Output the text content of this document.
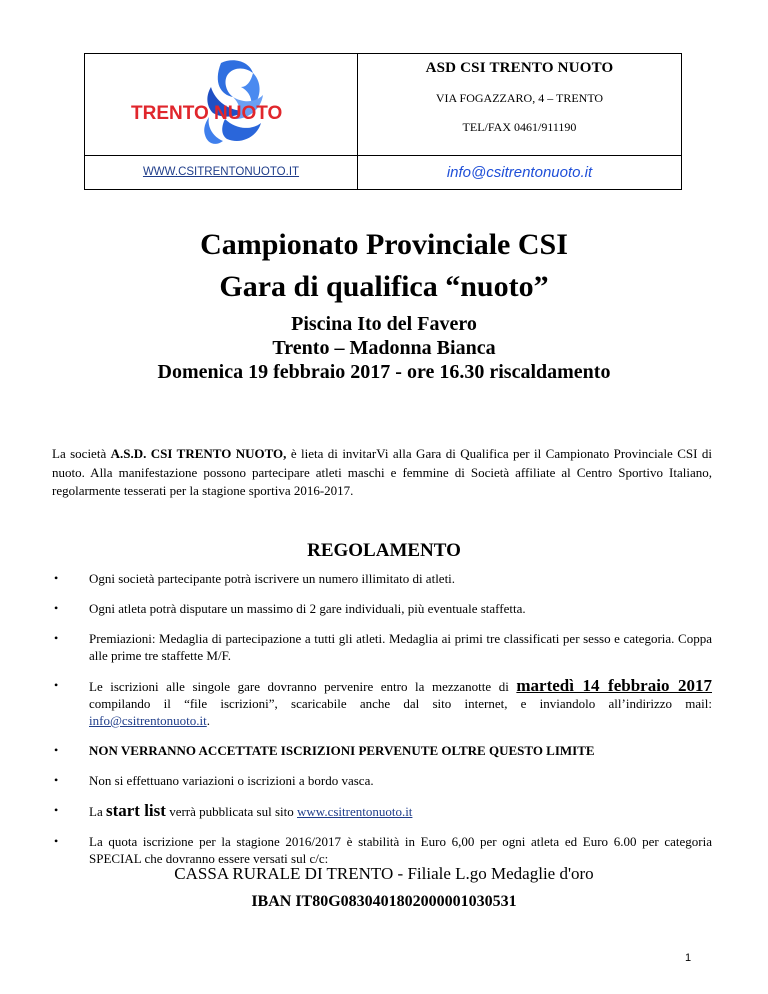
TRENTO NUOTO
ASD CSI TRENTO NUOTO
VIA FOGAZZARO, 4 – TRENTO
TEL/FAX 0461/911190
WWW.CSITRENTONUOTO.IT	info@csitrentonuoto.it
Campionato Provinciale CSI
Gara di qualifica “nuoto”
Piscina Ito del Favero
Trento – Madonna Bianca
Domenica 19 febbraio 2017 - ore 16.30 riscaldamento
La società A.S.D. CSI TRENTO NUOTO, è lieta di invitarVi alla Gara di Qualifica per il Campionato Provinciale CSI di nuoto. Alla manifestazione possono partecipare atleti maschi e femmine di Società affiliate al Centro Sportivo Italiano, regolarmente tesserati per la stagione sportiva 2016-2017.
REGOLAMENTO
• Ogni società partecipante potrà iscrivere un numero illimitato di atleti.
• Ogni atleta potrà disputare un massimo di 2 gare individuali, più eventuale staffetta.
• Premiazioni: Medaglia di partecipazione a tutti gli atleti. Medaglia ai primi tre classificati per sesso e categoria. Coppa alle prime tre staffette M/F.
• Le iscrizioni alle singole gare dovranno pervenire entro la mezzanotte di martedì 14 febbraio 2017 compilando il “file iscrizioni”, scaricabile anche dal sito internet, e inviandolo all’indirizzo mail: info@csitrentonuoto.it.
• NON VERRANNO ACCETTATE ISCRIZIONI PERVENUTE OLTRE QUESTO LIMITE
• Non si effettuano variazioni o iscrizioni a bordo vasca.
• La start list verrà pubblicata sul sito www.csitrentonuoto.it
• La quota iscrizione per la stagione 2016/2017 è stabilità in Euro 6,00 per ogni atleta ed Euro 6.00 per categoria SPECIAL che dovranno essere versati sul c/c:
CASSA RURALE DI TRENTO - Filiale L.go Medaglie d'oro
IBAN IT80G0830401802000001030531
1
